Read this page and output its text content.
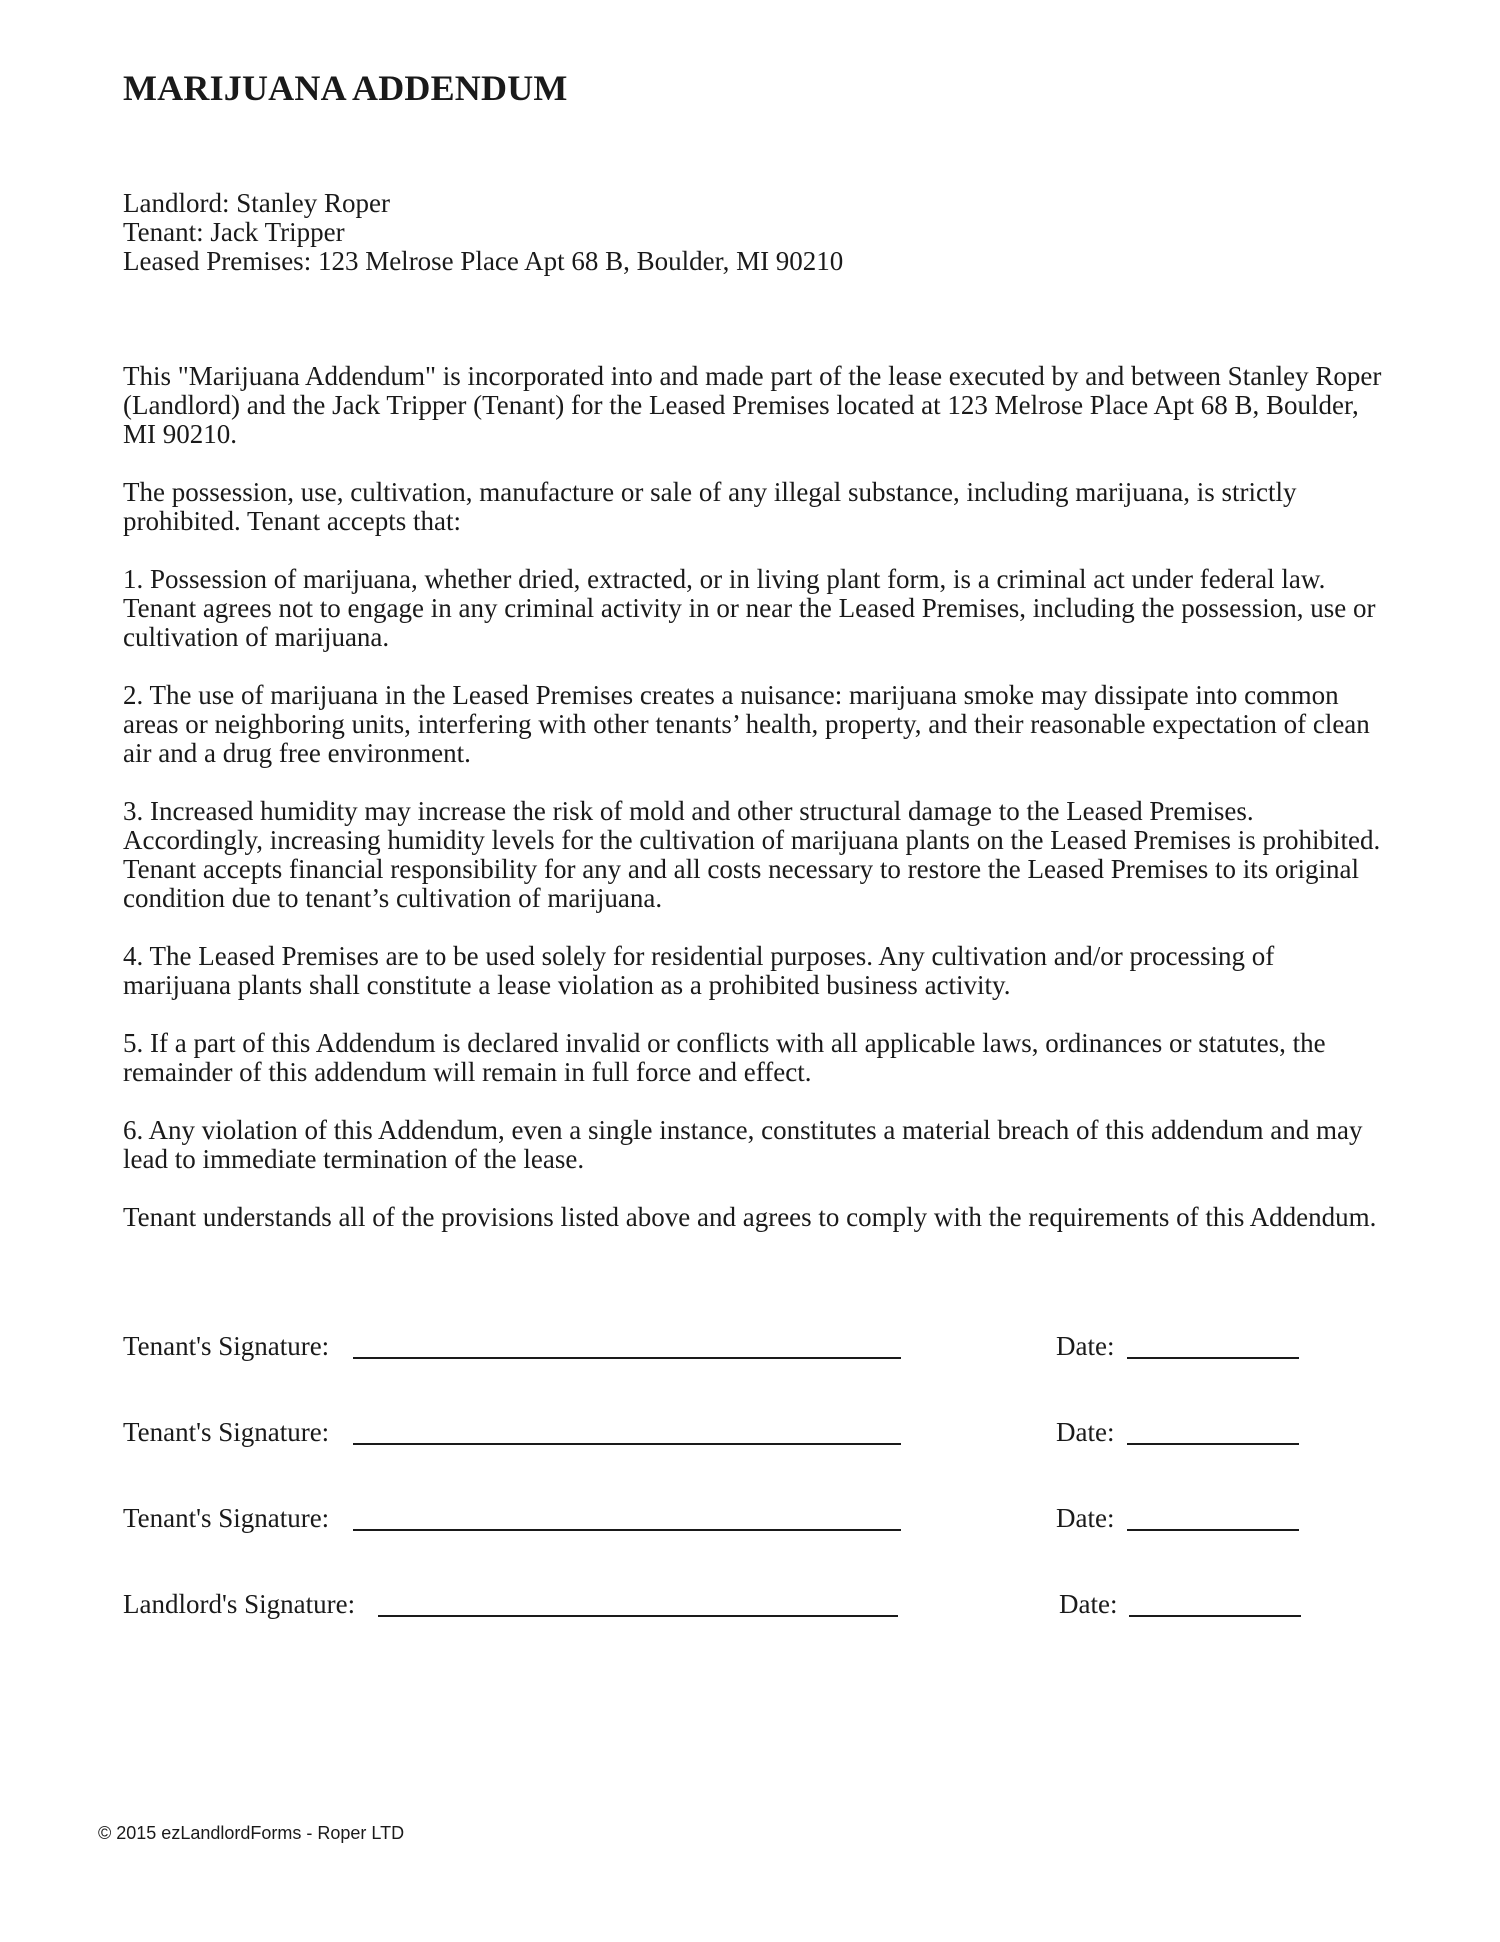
MARIJUANA ADDENDUM
Landlord: Stanley Roper
Tenant: Jack Tripper
Leased Premises: 123 Melrose Place Apt 68 B, Boulder, MI 90210

This "Marijuana Addendum" is incorporated into and made part of the lease executed by and between Stanley Roper (Landlord) and the Jack Tripper (Tenant) for the Leased Premises located at 123 Melrose Place Apt 68 B, Boulder, MI 90210.

The possession, use, cultivation, manufacture or sale of any illegal substance, including marijuana, is strictly prohibited. Tenant accepts that:

1. Possession of marijuana, whether dried, extracted, or in living plant form, is a criminal act under federal law. Tenant agrees not to engage in any criminal activity in or near the Leased Premises, including the possession, use or cultivation of marijuana.

2. The use of marijuana in the Leased Premises creates a nuisance: marijuana smoke may dissipate into common areas or neighboring units, interfering with other tenants’ health, property, and their reasonable expectation of clean air and a drug free environment.

3. Increased humidity may increase the risk of mold and other structural damage to the Leased Premises. Accordingly, increasing humidity levels for the cultivation of marijuana plants on the Leased Premises is prohibited. Tenant accepts financial responsibility for any and all costs necessary to restore the Leased Premises to its original condition due to tenant’s cultivation of marijuana.

4. The Leased Premises are to be used solely for residential purposes. Any cultivation and/or processing of marijuana plants shall constitute a lease violation as a prohibited business activity.

5. If a part of this Addendum is declared invalid or conflicts with all applicable laws, ordinances or statutes, the remainder of this addendum will remain in full force and effect.

6. Any violation of this Addendum, even a single instance, constitutes a material breach of this addendum and may lead to immediate termination of the lease.

Tenant understands all of the provisions listed above and agrees to comply with the requirements of this Addendum.

Tenant's Signature:	Date:
Tenant's Signature:	Date:
Tenant's Signature:	Date:
Landlord's Signature:	Date:
© 2015 ezLandlordForms - Roper LTD
